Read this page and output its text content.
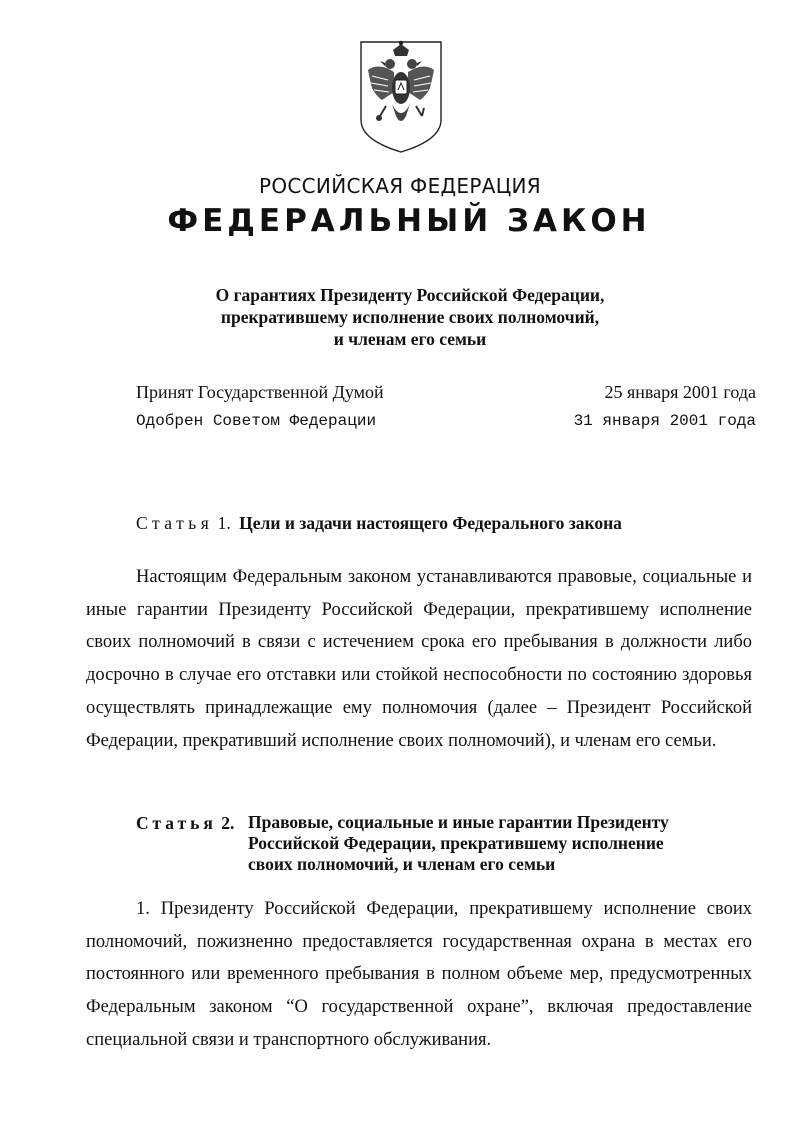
РОССИЙСКАЯ ФЕДЕРАЦИЯ
ФЕДЕРАЛЬНЫЙ ЗАКОН
О гарантиях Президенту Российской Федерации,
прекратившему исполнение своих полномочий,
и членам его семьи
Принят Государственной Думой	25 января 2001 года
Одобрен Советом Федерации	31 января 2001 года
Статья 1. Цели и задачи настоящего Федерального закона

Настоящим Федеральным законом устанавливаются правовые, социальные и иные гарантии Президенту Российской Федерации, прекратившему исполнение своих полномочий в связи с истечением срока его пребывания в должности либо досрочно в случае его отставки или стойкой неспособности по состоянию здоровья осуществлять принадлежащие ему полномочия (далее – Президент Российской Федерации, прекративший исполнение своих полномочий), и членам его семьи.

Статья 2. Правовые, социальные и иные гарантии Президенту
Российской Федерации, прекратившему исполнение
своих полномочий, и членам его семьи

1. Президенту Российской Федерации, прекратившему исполнение своих полномочий, пожизненно предоставляется государственная охрана в местах его постоянного или временного пребывания в полном объеме мер, предусмотренных Федеральным законом “О государственной охране”, включая предоставление специальной связи и транспортного обслуживания.
